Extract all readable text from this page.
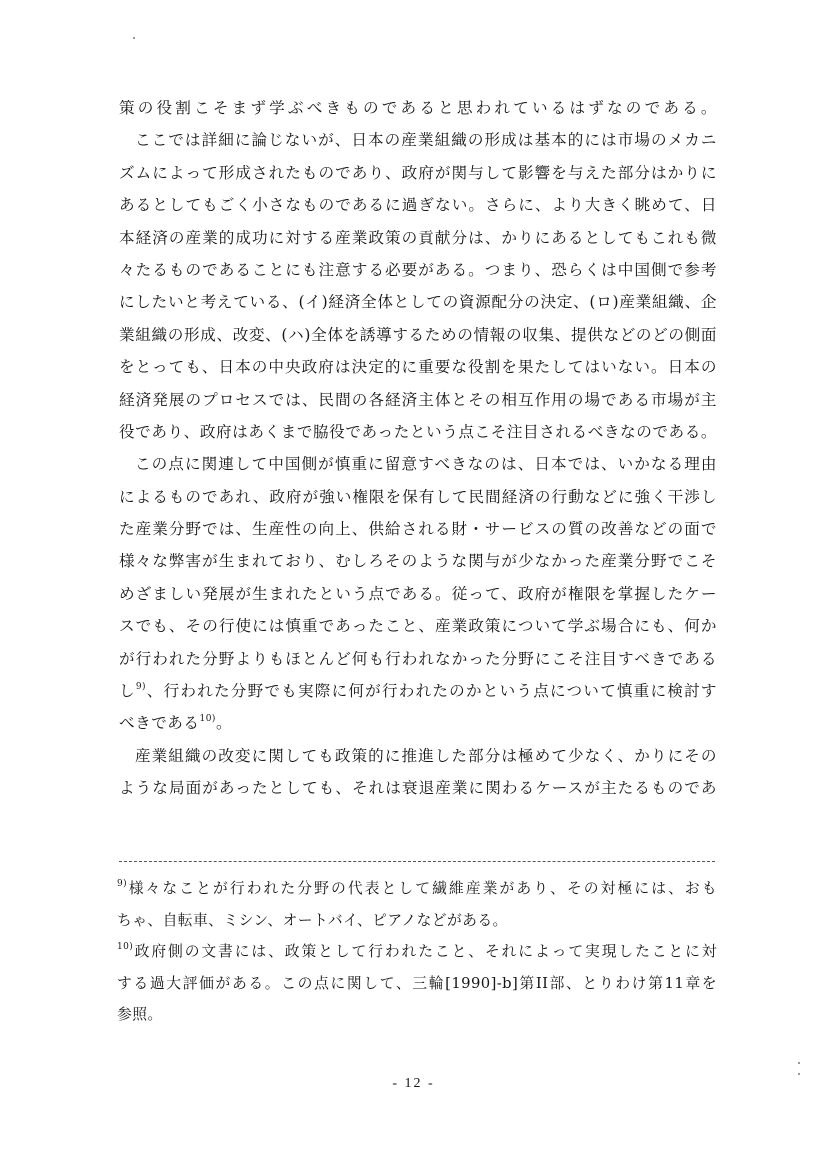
策の役割こそまず学ぶべきものであると思われているはずなのである。
ここでは詳細に論じないが、日本の産業組織の形成は基本的には市場のメカニ
ズムによって形成されたものであり、政府が関与して影響を与えた部分はかりに
あるとしてもごく小さなものであるに過ぎない。さらに、より大きく眺めて、日
本経済の産業的成功に対する産業政策の貢献分は、かりにあるとしてもこれも微
々たるものであることにも注意する必要がある。つまり、恐らくは中国側で参考
にしたいと考えている、(イ)経済全体としての資源配分の決定、(ロ)産業組織、企
業組織の形成、改変、(ハ)全体を誘導するための情報の収集、提供などのどの側面
をとっても、日本の中央政府は決定的に重要な役割を果たしてはいない。日本の
経済発展のプロセスでは、民間の各経済主体とその相互作用の場である市場が主
役であり、政府はあくまで脇役であったという点こそ注目されるべきなのである。
この点に関連して中国側が慎重に留意すべきなのは、日本では、いかなる理由
によるものであれ、政府が強い権限を保有して民間経済の行動などに強く干渉し
た産業分野では、生産性の向上、供給される財・サービスの質の改善などの面で
様々な弊害が生まれており、むしろそのような関与が少なかった産業分野でこそ
めざましい発展が生まれたという点である。従って、政府が権限を掌握したケー
スでも、その行使には慎重であったこと、産業政策について学ぶ場合にも、何か
が行われた分野よりもほとんど何も行われなかった分野にこそ注目すべきである
し$^{9)}$、行われた分野でも実際に何が行われたのかという点について慎重に検討す
べきである$^{10)}$。
産業組織の改変に関しても政策的に推進した部分は極めて少なく、かりにその
ような局面があったとしても、それは衰退産業に関わるケースが主たるものであ
$^{9)}$様々なことが行われた分野の代表として繊維産業があり、その対極には、おも
ちゃ、自転車、ミシン、オートバイ、ピアノなどがある。
$^{10)}$政府側の文書には、政策として行われたこと、それによって実現したことに対
する過大評価がある。この点に関して、三輪[1990]-b]第II部、とりわけ第11章を
参照。
- 12 -
